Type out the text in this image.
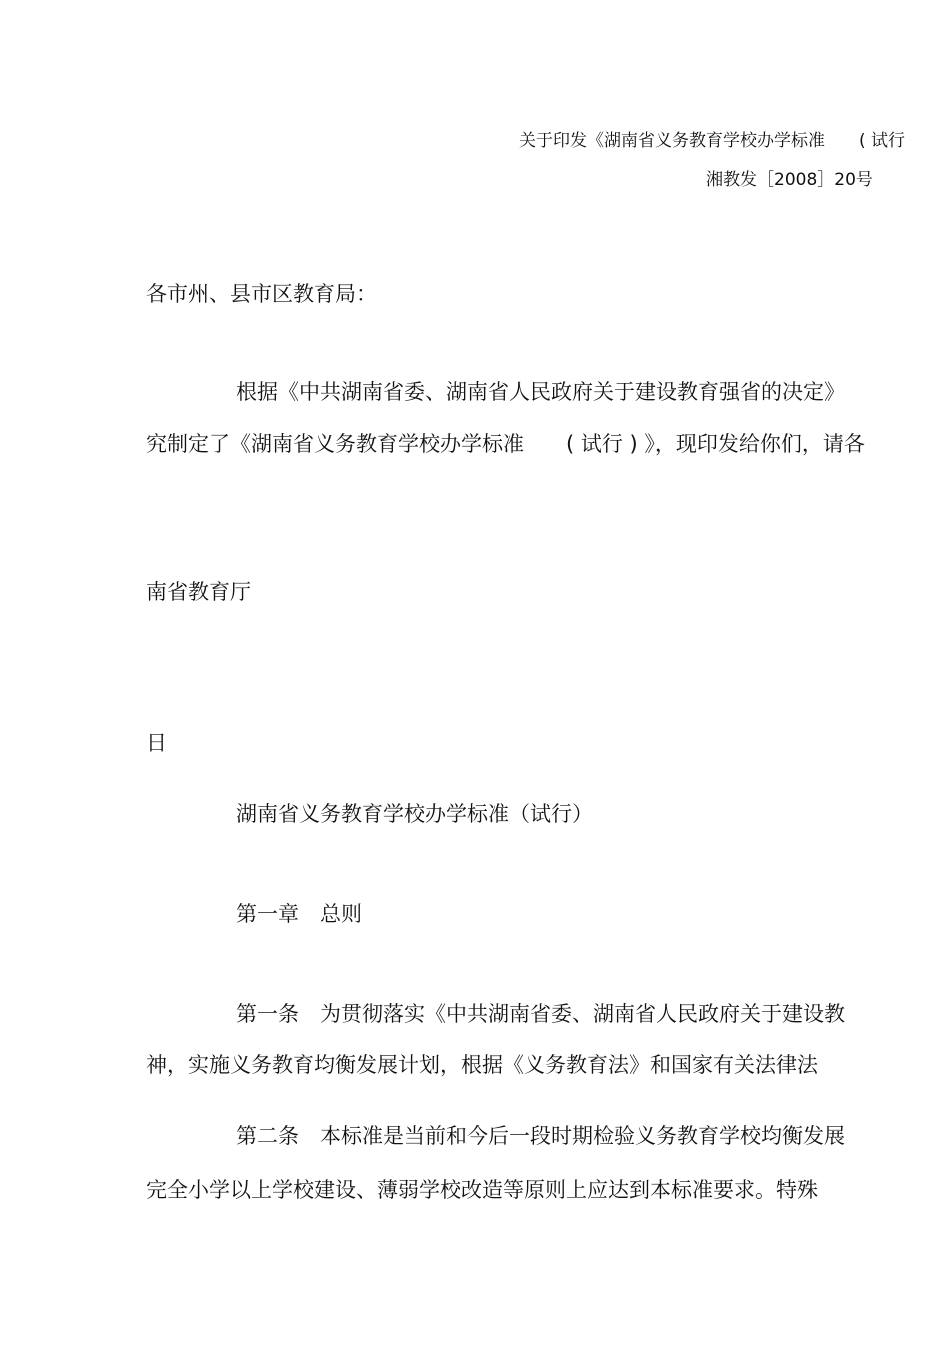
关于印发《湖南省义务教育学校办学标准　　( 试行
湘教发［2008］20号
各市州、县市区教育局：
根据《中共湖南省委、湖南省人民政府关于建设教育强省的决定》
究制定了《湖南省义务教育学校办学标准　　( 试行 ) 》，现印发给你们，请各
南省教育厅
日
湖南省义务教育学校办学标准（试行）
第一章　总则
第一条　为贯彻落实《中共湖南省委、湖南省人民政府关于建设教
神，实施义务教育均衡发展计划，根据《义务教育法》和国家有关法律法
第二条　本标准是当前和今后一段时期检验义务教育学校均衡发展
完全小学以上学校建设、薄弱学校改造等原则上应达到本标准要求。特殊
